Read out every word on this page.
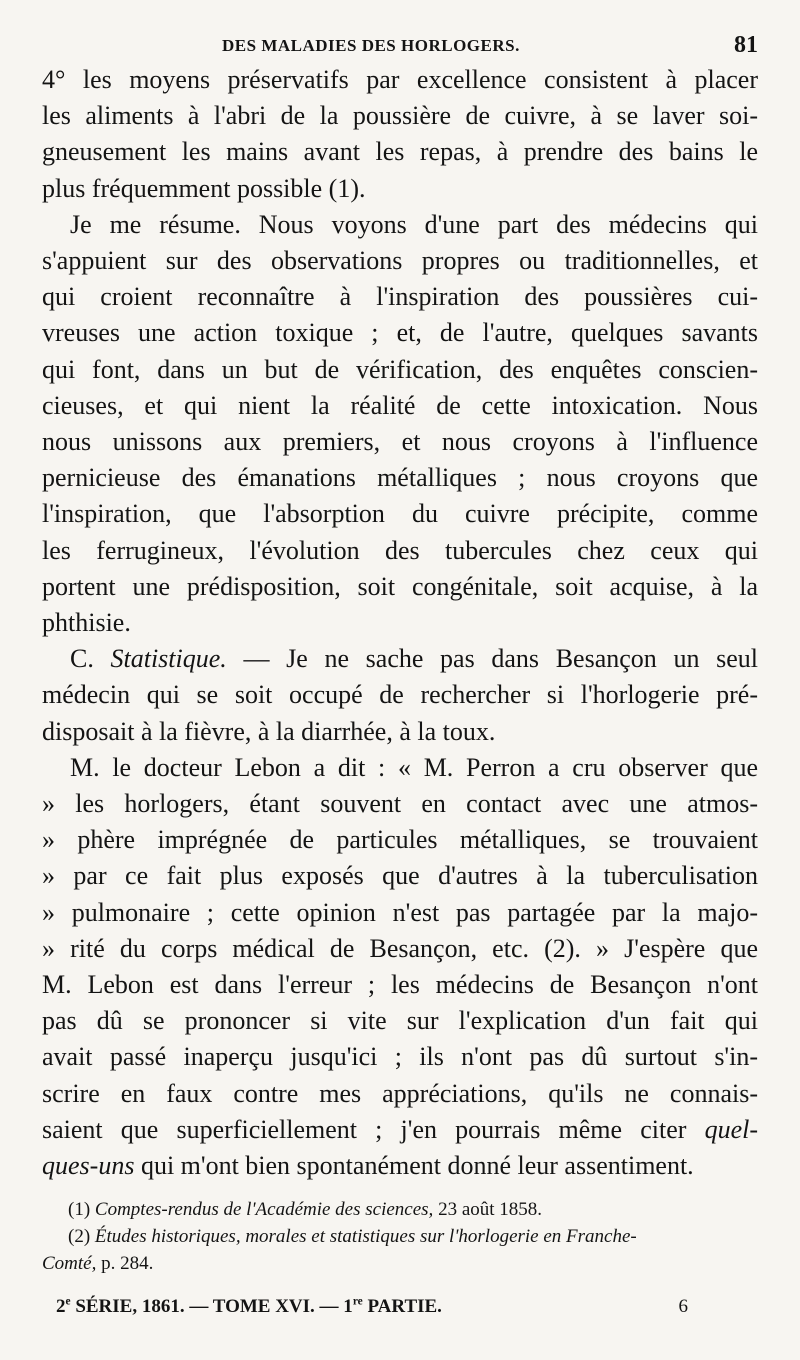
DES MALADIES DES HORLOGERS.	81

4° les moyens préservatifs par excellence consistent à placer
les aliments à l'abri de la poussière de cuivre, à se laver soi-
gneusement les mains avant les repas, à prendre des bains le
plus fréquemment possible (1).

Je me résume. Nous voyons d'une part des médecins qui
s'appuient sur des observations propres ou traditionnelles, et
qui croient reconnaître à l'inspiration des poussières cui-
vreuses une action toxique ; et, de l'autre, quelques savants
qui font, dans un but de vérification, des enquêtes conscien-
cieuses, et qui nient la réalité de cette intoxication. Nous
nous unissons aux premiers, et nous croyons à l'influence
pernicieuse des émanations métalliques ; nous croyons que
l'inspiration, que l'absorption du cuivre précipite, comme
les ferrugineux, l'évolution des tubercules chez ceux qui
portent une prédisposition, soit congénitale, soit acquise, à la
phthisie.

C. Statistique. — Je ne sache pas dans Besançon un seul
médecin qui se soit occupé de rechercher si l'horlogerie pré-
disposait à la fièvre, à la diarrhée, à la toux.

M. le docteur Lebon a dit : « M. Perron a cru observer que
» les horlogers, étant souvent en contact avec une atmos-
» phère imprégnée de particules métalliques, se trouvaient
» par ce fait plus exposés que d'autres à la tuberculisation
» pulmonaire ; cette opinion n'est pas partagée par la majo-
» rité du corps médical de Besançon, etc. (2). » J'espère que
M. Lebon est dans l'erreur ; les médecins de Besançon n'ont
pas dû se prononcer si vite sur l'explication d'un fait qui
avait passé inaperçu jusqu'ici ; ils n'ont pas dû surtout s'in-
scrire en faux contre mes appréciations, qu'ils ne connais-
saient que superficiellement ; j'en pourrais même citer quel-
ques-uns qui m'ont bien spontanément donné leur assentiment.

(1) Comptes-rendus de l'Académie des sciences, 23 août 1858.
(2) Études historiques, morales et statistiques sur l'horlogerie en Franche-
Comté, p. 284.
2e SÉRIE, 1861. — TOME XVI. — 1re PARTIE.	6
